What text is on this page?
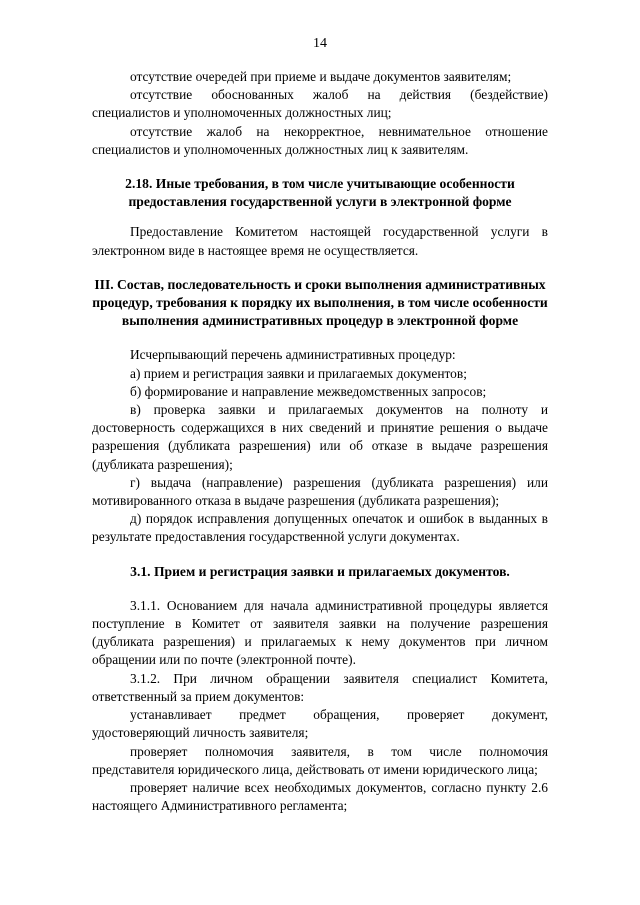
14

отсутствие очередей при приеме и выдаче документов заявителям;

отсутствие обоснованных жалоб на действия (бездействие) специалистов и уполномоченных должностных лиц;

отсутствие жалоб на некорректное, невнимательное отношение специалистов и уполномоченных должностных лиц к заявителям.

2.18. Иные требования, в том числе учитывающие особенности предоставления государственной услуги в электронной форме

Предоставление Комитетом настоящей государственной услуги в электронном виде в настоящее время не осуществляется.

III. Состав, последовательность и сроки выполнения административных процедур, требования к порядку их выполнения, в том числе особенности выполнения административных процедур в электронной форме

Исчерпывающий перечень административных процедур:

а) прием и регистрация заявки и прилагаемых документов;

б) формирование и направление межведомственных запросов;

в) проверка заявки и прилагаемых документов на полноту и достоверность содержащихся в них сведений и принятие решения о выдаче разрешения (дубликата разрешения) или об отказе в выдаче разрешения (дубликата разрешения);

г) выдача (направление) разрешения (дубликата разрешения) или мотивированного отказа в выдаче разрешения (дубликата разрешения);

д) порядок исправления допущенных опечаток и ошибок в выданных в результате предоставления государственной услуги документах.

3.1. Прием и регистрация заявки и прилагаемых документов.

3.1.1. Основанием для начала административной процедуры является поступление в Комитет от заявителя заявки на получение разрешения (дубликата разрешения) и прилагаемых к нему документов при личном обращении или по почте (электронной почте).

3.1.2. При личном обращении заявителя специалист Комитета, ответственный за прием документов:

устанавливает предмет обращения, проверяет документ, удостоверяющий личность заявителя;

проверяет полномочия заявителя, в том числе полномочия представителя юридического лица, действовать от имени юридического лица;

проверяет наличие всех необходимых документов, согласно пункту 2.6 настоящего Административного регламента;
